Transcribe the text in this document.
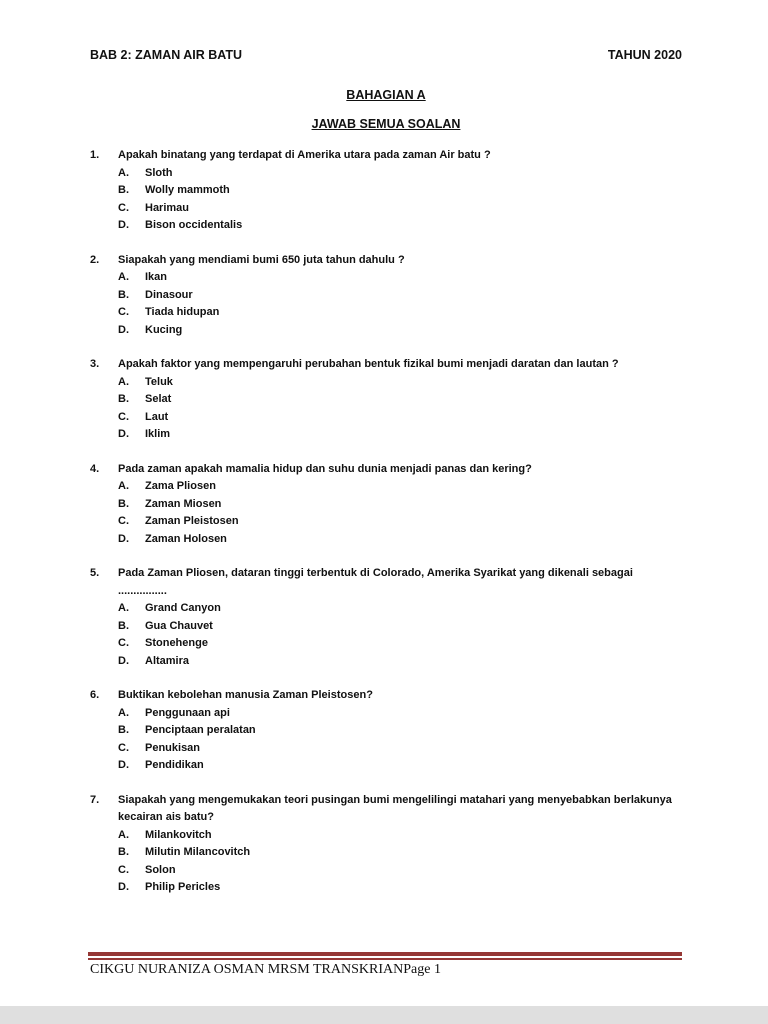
BAB 2: ZAMAN AIR BATU	TAHUN 2020
BAHAGIAN A
JAWAB SEMUA SOALAN
1.	Apakah binatang yang terdapat di Amerika utara pada zaman Air batu ?
A.	Sloth
B.	Wolly mammoth
C.	Harimau
D.	Bison occidentalis
2.	Siapakah yang mendiami bumi 650 juta tahun dahulu ?
A.	Ikan
B.	Dinasour
C.	Tiada hidupan
D.	Kucing
3.	Apakah faktor yang mempengaruhi perubahan bentuk fizikal bumi menjadi daratan dan lautan ?
A.	Teluk
B.	Selat
C.	Laut
D.	Iklim
4.	Pada zaman apakah mamalia hidup dan suhu dunia menjadi panas dan kering?
A.	Zama Pliosen
B.	Zaman Miosen
C.	Zaman Pleistosen
D.	Zaman Holosen
5.	Pada Zaman Pliosen, dataran tinggi terbentuk di Colorado, Amerika Syarikat yang dikenali sebagai ................
A.	Grand Canyon
B.	Gua Chauvet
C.	Stonehenge
D.	Altamira
6.	Buktikan kebolehan manusia Zaman Pleistosen?
A.	Penggunaan api
B.	Penciptaan peralatan
C.	Penukisan
D.	Pendidikan
7.	Siapakah yang mengemukakan teori pusingan bumi mengelilingi matahari yang menyebabkan berlakunya kecairan ais batu?
A.	Milankovitch
B.	Milutin Milancovitch
C.	Solon
D.	Philip Pericles
CIKGU NURANIZA OSMAN MRSM TRANSKRIANPage 1
